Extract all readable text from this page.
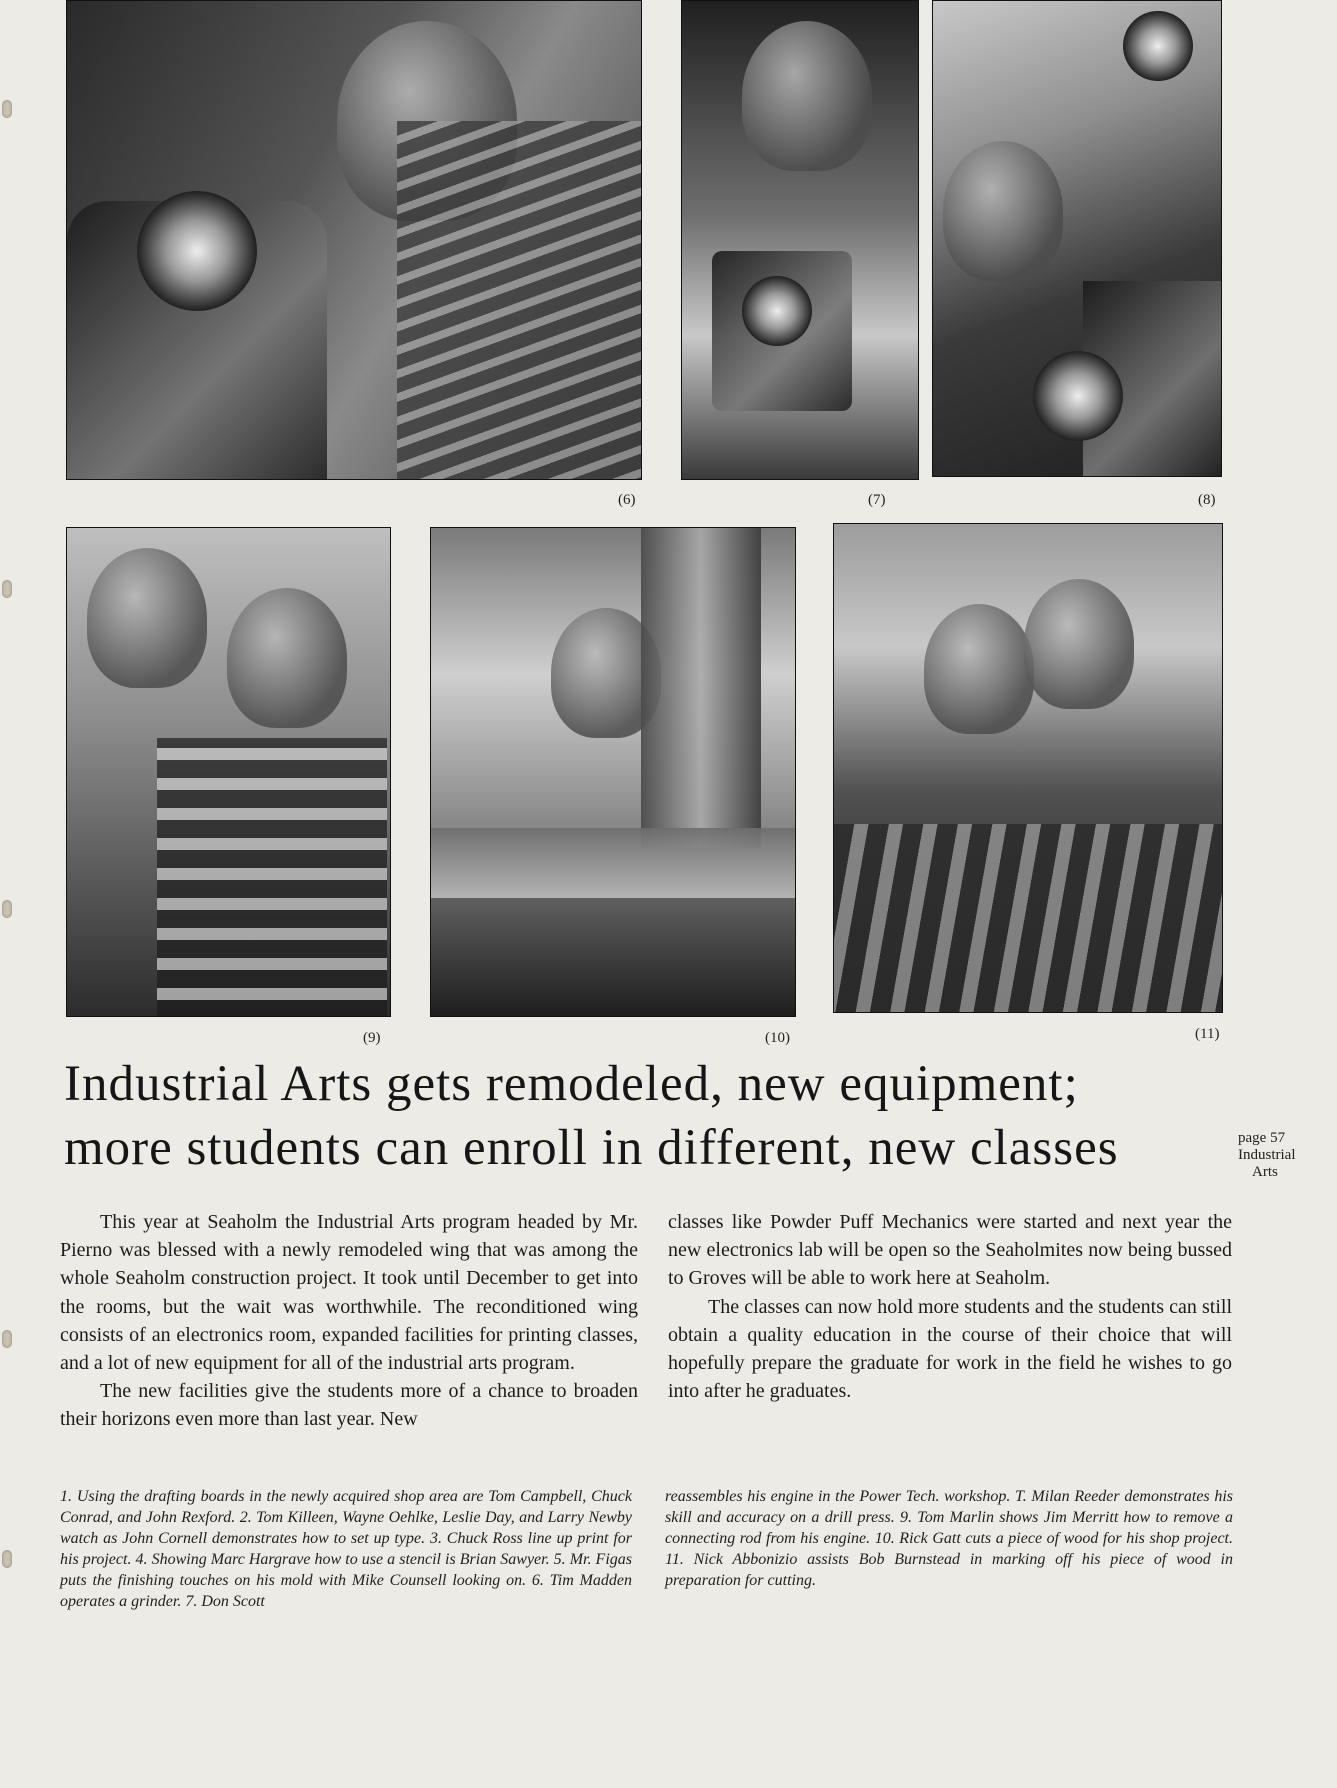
(6)	(7)	(8)
(9)	(10)	(11)
Industrial Arts gets remodeled, new equipment;
more students can enroll in different, new classes	page 57
Industrial
Arts

This year at Seaholm the Industrial Arts program headed by Mr. Pierno was blessed with a newly remodeled wing that was among the whole Seaholm construction project. It took until December to get into the rooms, but the wait was worthwhile. The reconditioned wing consists of an electronics room, expanded facilities for printing classes, and a lot of new equipment for all of the industrial arts program.

The new facilities give the students more of a chance to broaden their horizons even more than last year. New

classes like Powder Puff Mechanics were started and next year the new electronics lab will be open so the Seaholmites now being bussed to Groves will be able to work here at Seaholm.

The classes can now hold more students and the students can still obtain a quality education in the course of their choice that will hopefully prepare the graduate for work in the field he wishes to go into after he graduates.

1. Using the drafting boards in the newly acquired shop area are Tom Campbell, Chuck Conrad, and John Rexford. 2. Tom Killeen, Wayne Oehlke, Leslie Day, and Larry Newby watch as John Cornell demonstrates how to set up type. 3. Chuck Ross line up print for his project. 4. Showing Marc Hargrave how to use a stencil is Brian Sawyer. 5. Mr. Figas puts the finishing touches on his mold with Mike Counsell looking on. 6. Tim Madden operates a grinder. 7. Don Scott
reassembles his engine in the Power Tech. workshop. T. Milan Reeder demonstrates his skill and accuracy on a drill press. 9. Tom Marlin shows Jim Merritt how to remove a connecting rod from his engine. 10. Rick Gatt cuts a piece of wood for his shop project. 11. Nick Abbonizio assists Bob Burnstead in marking off his piece of wood in preparation for cutting.
